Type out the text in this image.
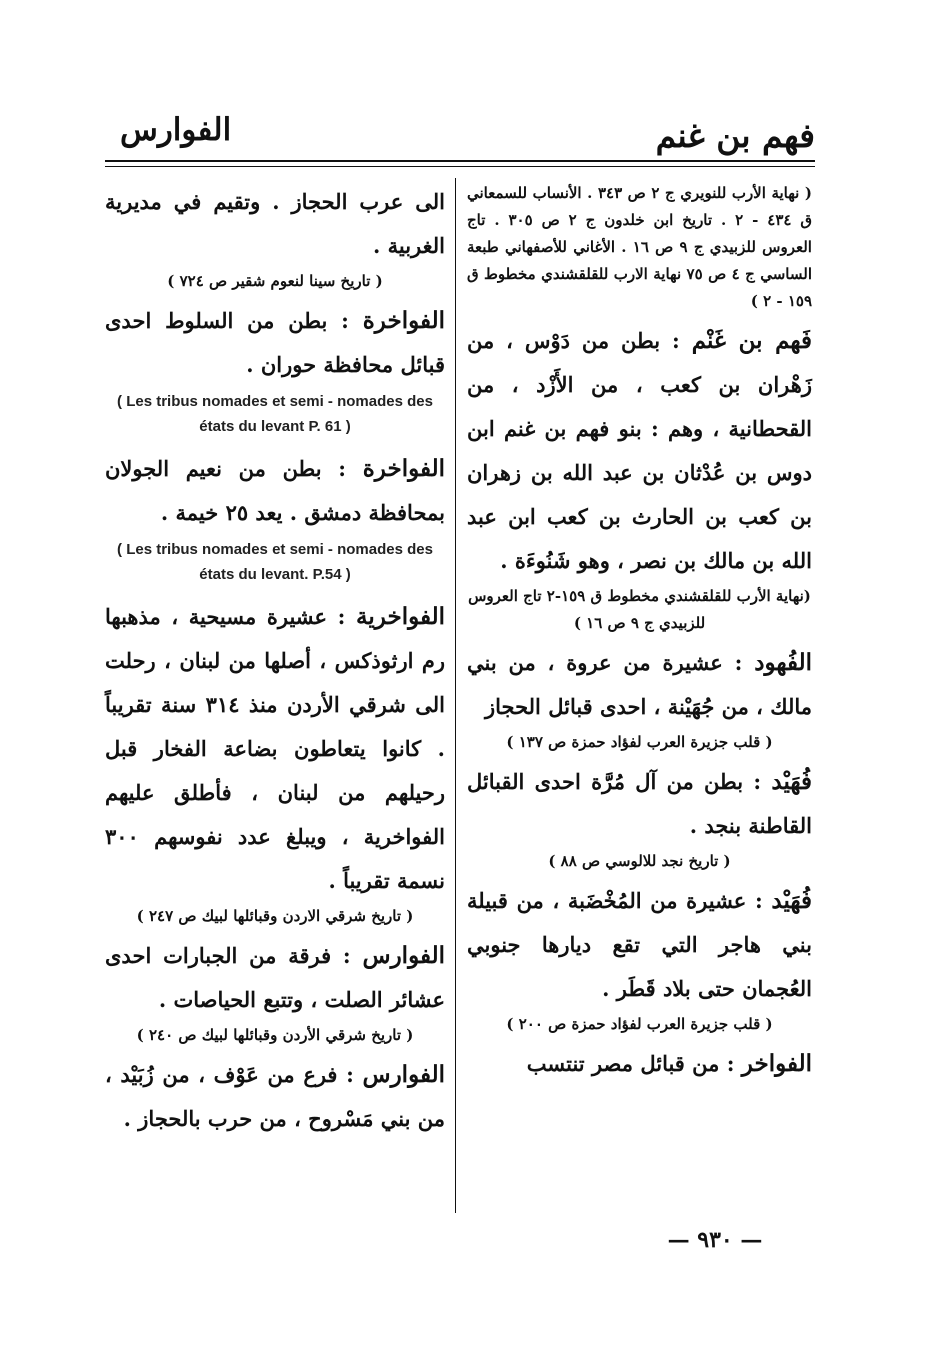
فهم بن غنم
الفوارس

( نهاية الأرب للنويري ج ٢ ص ٣٤٣ . الأنساب للسمعاني ق ٤٣٤ - ٢ . تاريخ ابن خلدون ج ٢ ص ٣٠٥ . تاج العروس للزبيدي ج ٩ ص ١٦ . الأغاني للأصفهاني طبعة الساسي ج ٤ ص ٧٥ نهاية الارب للقلقشندي مخطوط ق ١٥٩ - ٢ )

فَهم بن غَنْم : بطن من دَوْس ، من زَهْران بن كعب ، من الأَزْد ، من القحطانية ، وهم : بنو فهم بن غنم ابن دوس بن عُدْثان بن عبد الله بن زهران بن كعب بن الحارث بن كعب ابن عبد الله بن مالك بن نصر ، وهو شَنُوءَة .

(نهاية الأرب للقلقشندي مخطوط ق ١٥٩-٢ تاج العروس للزبيدي ج ٩ ص ١٦ )

الفُهود : عشيرة من عروة ، من بني مالك ، من جُهَيْنة ، احدى قبائل الحجاز

( قلب جزيرة العرب لفؤاد حمزة ص ١٣٧ )

فُهَيْد : بطن من آل مُرَّة احدى القبائل القاطنة بنجد .

( تاريخ نجد للالوسي ص ٨٨ )

فُهَيْد : عشيرة من المُخْضَبة ، من قبيلة بني هاجر التي تقع ديارها جنوبي العُجمان حتى بلاد قَطَر .

( قلب جزيرة العرب لفؤاد حمزة ص ٢٠٠ )

الفواخر : من قبائل مصر تنتسب

الى عرب الحجاز . وتقيم في مديرية الغربية .

( تاريخ سينا لنعوم شقير ص ٧٢٤ )

الفواخرة : بطن من السلوط احدى قبائل محافظة حوران .

( Les tribus nomades et semi - nomades des états du levant P. 61 )

الفواخرة : بطن من نعيم الجولان بمحافظة دمشق . يعد ٢٥ خيمة .

( Les tribus nomades et semi - nomades des états du levant. P.54 )

الفواخرية : عشيرة مسيحية ، مذهبها رم ارثوذكس ، أصلها من لبنان ، رحلت الى شرقي الأردن منذ ٣١٤ سنة تقريباً . كانوا يتعاطون بضاعة الفخار قبل رحيلهم من لبنان ، فأطلق عليهم الفواخرية ، ويبلغ عدد نفوسهم ٣٠٠ نسمة تقريباً .

( تاريخ شرقي الاردن وقبائلها لبيك ص ٢٤٧ )

الفوارس : فرقة من الجبارات احدى عشائر الصلت ، وتتبع الحياصات .

( تاريخ شرقي الأردن وقبائلها لبيك ص ٢٤٠ )

الفوارس : فرع من عَوْف ، من زُبَيْد ، من بني مَسْروح ، من حرب بالحجاز .

— ٩٣٠ —
